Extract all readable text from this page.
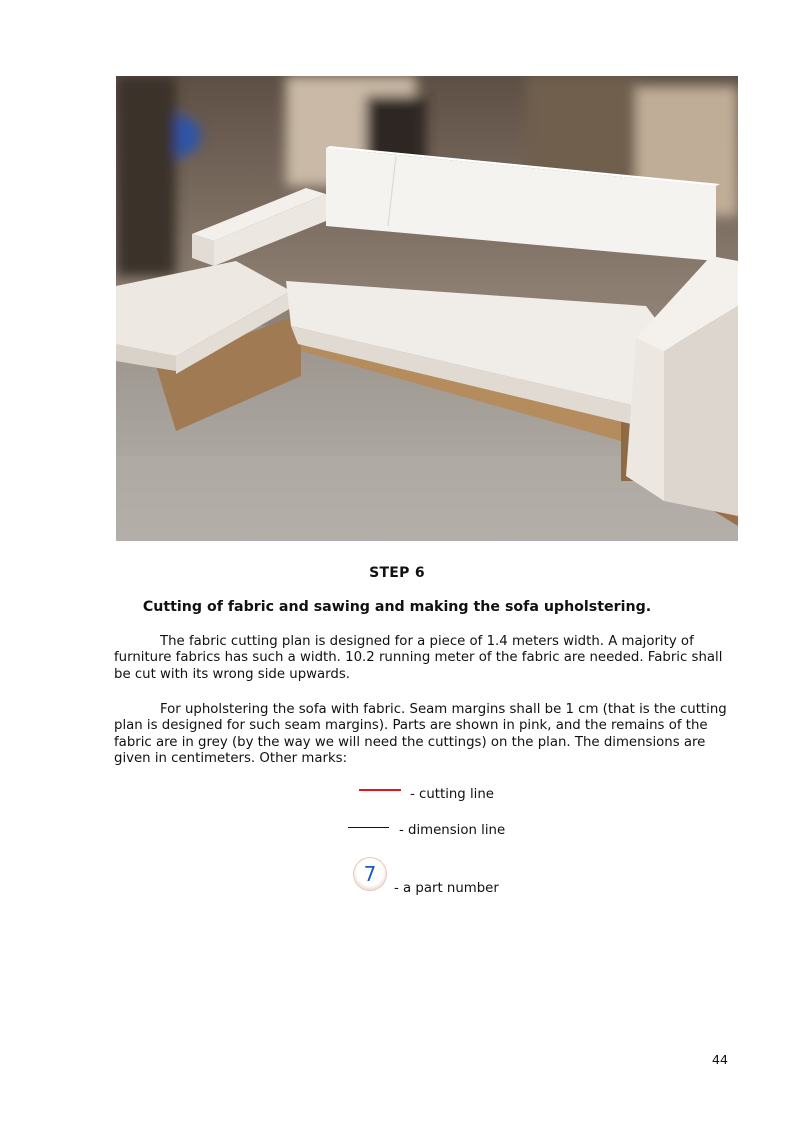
STEP 6
Cutting of fabric and sawing and making the sofa upholstering.

The fabric cutting plan is designed for a piece of 1.4 meters width. A majority of furniture fabrics has such a width. 10.2 running meter of the fabric are needed. Fabric shall be cut with its wrong side upwards.

For upholstering the sofa with fabric. Seam margins shall be 1 cm (that is the cutting plan is designed for such seam margins). Parts are shown in pink, and the remains of the fabric are in grey (by the way we will need the cuttings) on the plan. The dimensions are given in centimeters. Other marks:

- cutting line
- dimension line
7
- a part number
44
